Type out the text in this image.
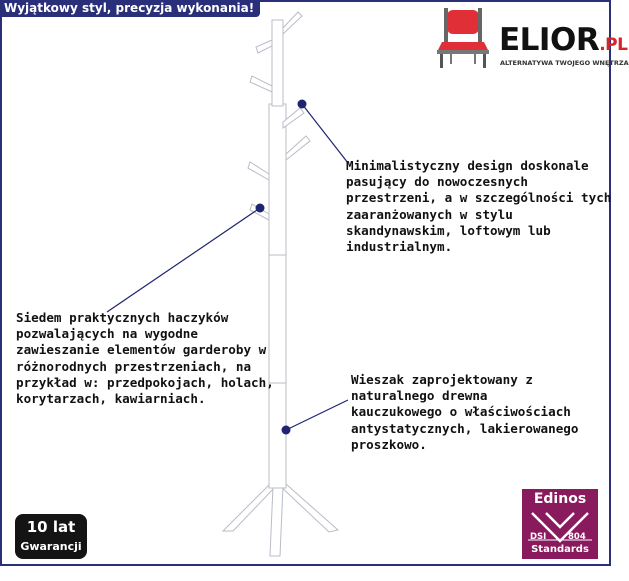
Wyjątkowy styl, precyzja wykonania!
ELIOR.PL
ALTERNATYWA TWOJEGO WNĘTRZA
Minimalistyczny design doskonale
pasujący do nowoczesnych
przestrzeni, a w szczególności tych
zaaranżowanych w stylu
skandynawskim, loftowym lub
industrialnym.
Siedem praktycznych haczyków
pozwalających na wygodne
zawieszanie elementów garderoby w
różnorodnych przestrzeniach, na
przykład w: przedpokojach, holach,
korytarzach, kawiarniach.
Wieszak zaprojektowany z
naturalnego drewna
kauczukowego o właściwościach
antystatycznych, lakierowanego
proszkowo.
10 lat
Gwarancji
Edinos
DSI	804
Standards
